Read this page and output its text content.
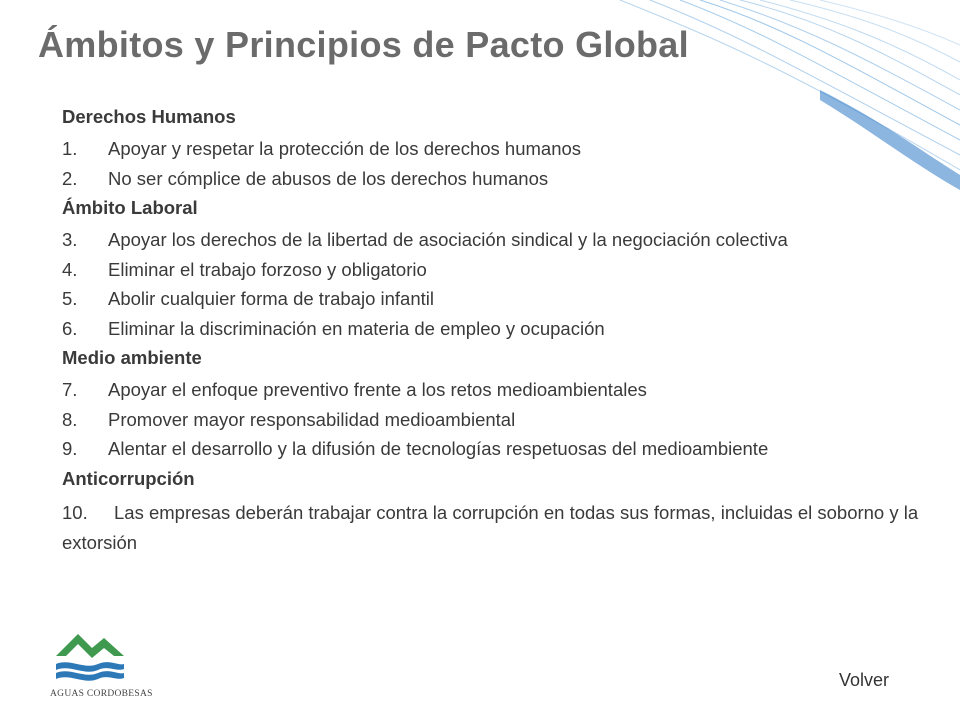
Ámbitos y Principios de Pacto Global
Derechos Humanos
1.	Apoyar y respetar la protección de los derechos humanos
2.	No ser cómplice de abusos de los derechos humanos
Ámbito Laboral
3.	Apoyar los derechos de la libertad de asociación sindical y la negociación colectiva
4.	Eliminar el trabajo forzoso y obligatorio
5.	Abolir cualquier forma de trabajo infantil
6.	Eliminar la discriminación en materia de empleo y ocupación
Medio ambiente
7.	Apoyar el enfoque preventivo frente a los retos medioambientales
8.	Promover mayor responsabilidad medioambiental
9.	Alentar el desarrollo y la difusión de tecnologías respetuosas del medioambiente
Anticorrupción
10. Las empresas deberán trabajar contra la corrupción en todas sus formas, incluidas el soborno y la extorsión
AGUAS CORDOBESAS
Volver
